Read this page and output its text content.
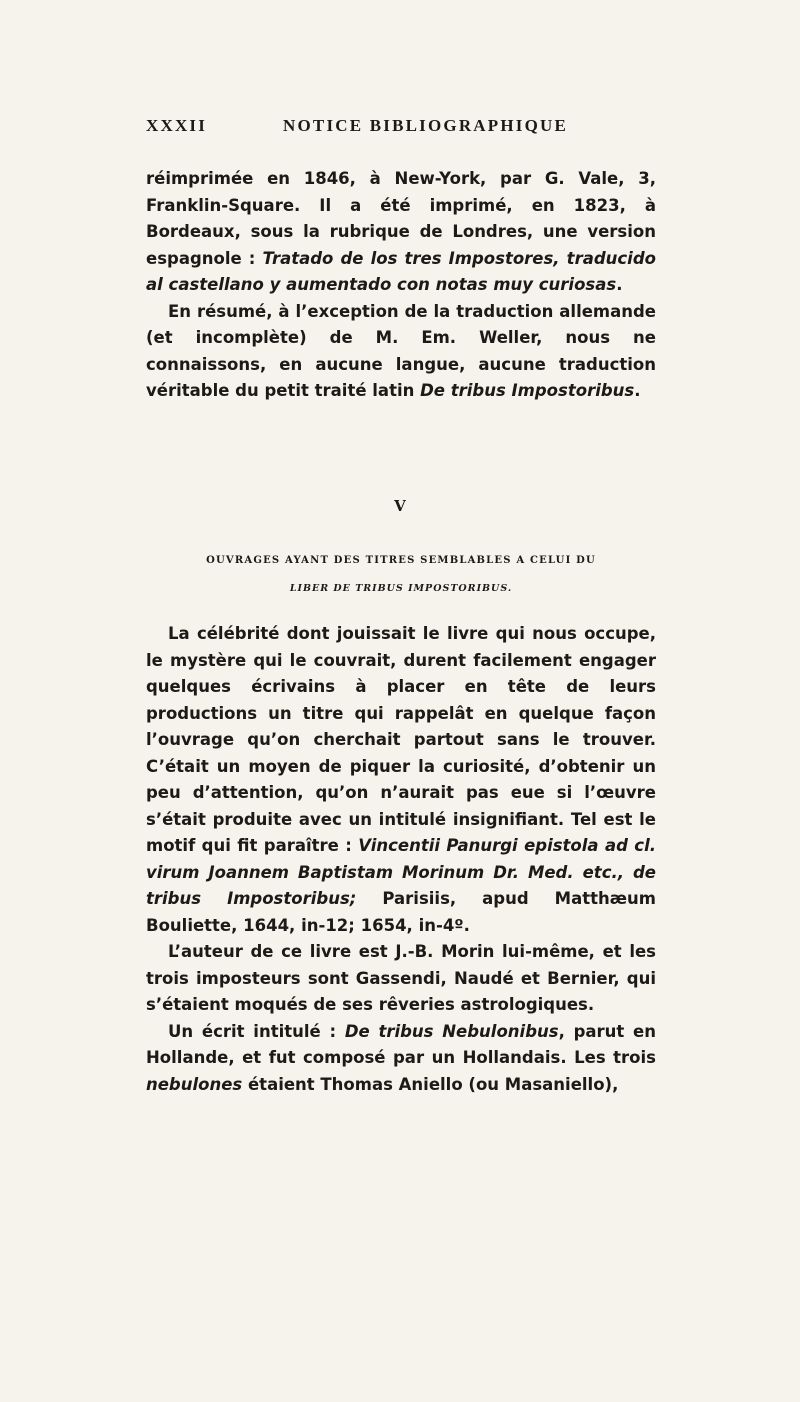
XXXII	NOTICE BIBLIOGRAPHIQUE

réimprimée en 1846, à New-York, par G. Vale, 3, Franklin-Square. Il a été imprimé, en 1823, à Bordeaux, sous la rubrique de Londres, une version espagnole : Tratado de los tres Impostores, traducido al castellano y aumentado con notas muy curiosas.

En résumé, à l’exception de la traduction allemande (et incomplète) de M. Em. Weller, nous ne connaissons, en aucune langue, aucune traduction véritable du petit traité latin De tribus Impostoribus.

V
OUVRAGES AYANT DES TITRES SEMBLABLES A CELUI DU
LIBER DE TRIBUS IMPOSTORIBUS.

La célébrité dont jouissait le livre qui nous occupe, le mystère qui le couvrait, durent facilement engager quelques écrivains à placer en tête de leurs productions un titre qui rappelât en quelque façon l’ouvrage qu’on cherchait partout sans le trouver. C’était un moyen de piquer la curiosité, d’obtenir un peu d’attention, qu’on n’aurait pas eue si l’œuvre s’était produite avec un intitulé insignifiant. Tel est le motif qui fit paraître : Vincentii Panurgi epistola ad cl. virum Joannem Baptistam Morinum Dr. Med. etc., de tribus Impostoribus; Parisiis, apud Matthæum Bouliette, 1644, in-12; 1654, in-4º.

L’auteur de ce livre est J.-B. Morin lui-même, et les trois imposteurs sont Gassendi, Naudé et Bernier, qui s’étaient moqués de ses rêveries astrologiques.

Un écrit intitulé : De tribus Nebulonibus, parut en Hollande, et fut composé par un Hollandais. Les trois nebulones étaient Thomas Aniello (ou Masaniello),
